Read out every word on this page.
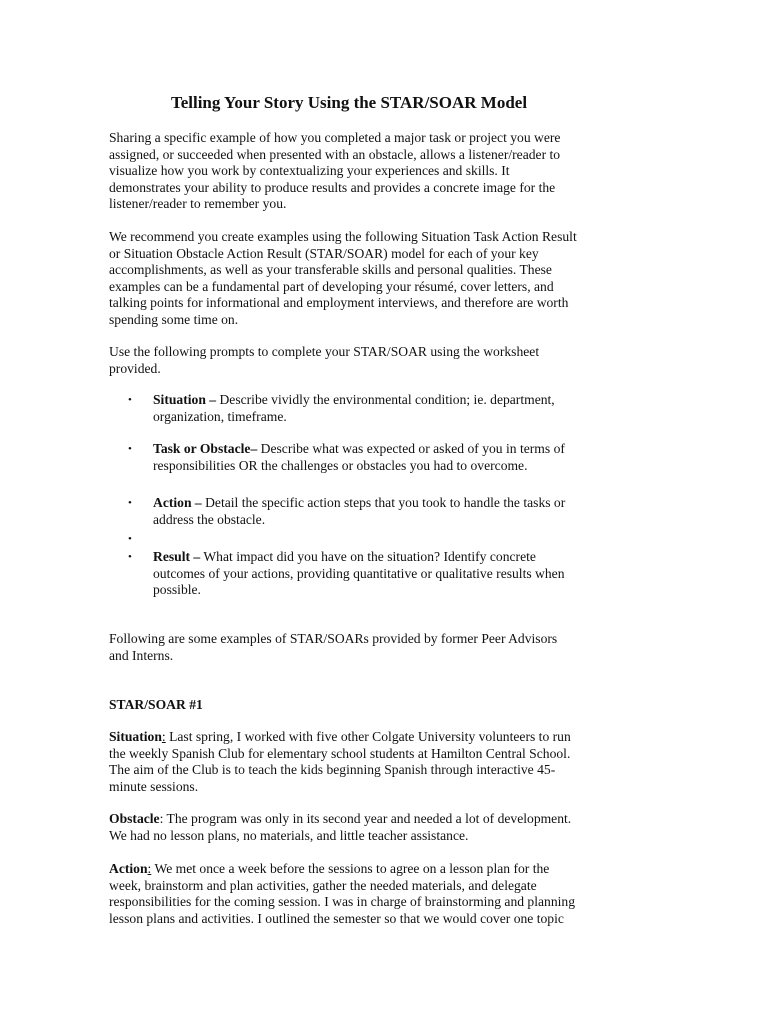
Telling Your Story Using the STAR/SOAR Model

Sharing a specific example of how you completed a major task or project you were
assigned, or succeeded when presented with an obstacle, allows a listener/reader to
visualize how you work by contextualizing your experiences and skills. It
demonstrates your ability to produce results and provides a concrete image for the
listener/reader to remember you.

We recommend you create examples using the following Situation Task Action Result
or Situation Obstacle Action Result (STAR/SOAR) model for each of your key
accomplishments, as well as your transferable skills and personal qualities. These
examples can be a fundamental part of developing your résumé, cover letters, and
talking points for informational and employment interviews, and therefore are worth
spending some time on.

Use the following prompts to complete your STAR/SOAR using the worksheet
provided.

• Situation – Describe vividly the environmental condition; ie. department,
organization, timeframe.
• Task or Obstacle– Describe what was expected or asked of you in terms of
responsibilities OR the challenges or obstacles you had to overcome.
• Action – Detail the specific action steps that you took to handle the tasks or
address the obstacle.
•
• Result – What impact did you have on the situation? Identify concrete
outcomes of your actions, providing quantitative or qualitative results when
possible.

Following are some examples of STAR/SOARs provided by former Peer Advisors
and Interns.

STAR/SOAR #1

Situation: Last spring, I worked with five other Colgate University volunteers to run
the weekly Spanish Club for elementary school students at Hamilton Central School.
The aim of the Club is to teach the kids beginning Spanish through interactive 45-
minute sessions.

Obstacle: The program was only in its second year and needed a lot of development.
We had no lesson plans, no materials, and little teacher assistance.

Action: We met once a week before the sessions to agree on a lesson plan for the
week, brainstorm and plan activities, gather the needed materials, and delegate
responsibilities for the coming session. I was in charge of brainstorming and planning
lesson plans and activities. I outlined the semester so that we would cover one topic
